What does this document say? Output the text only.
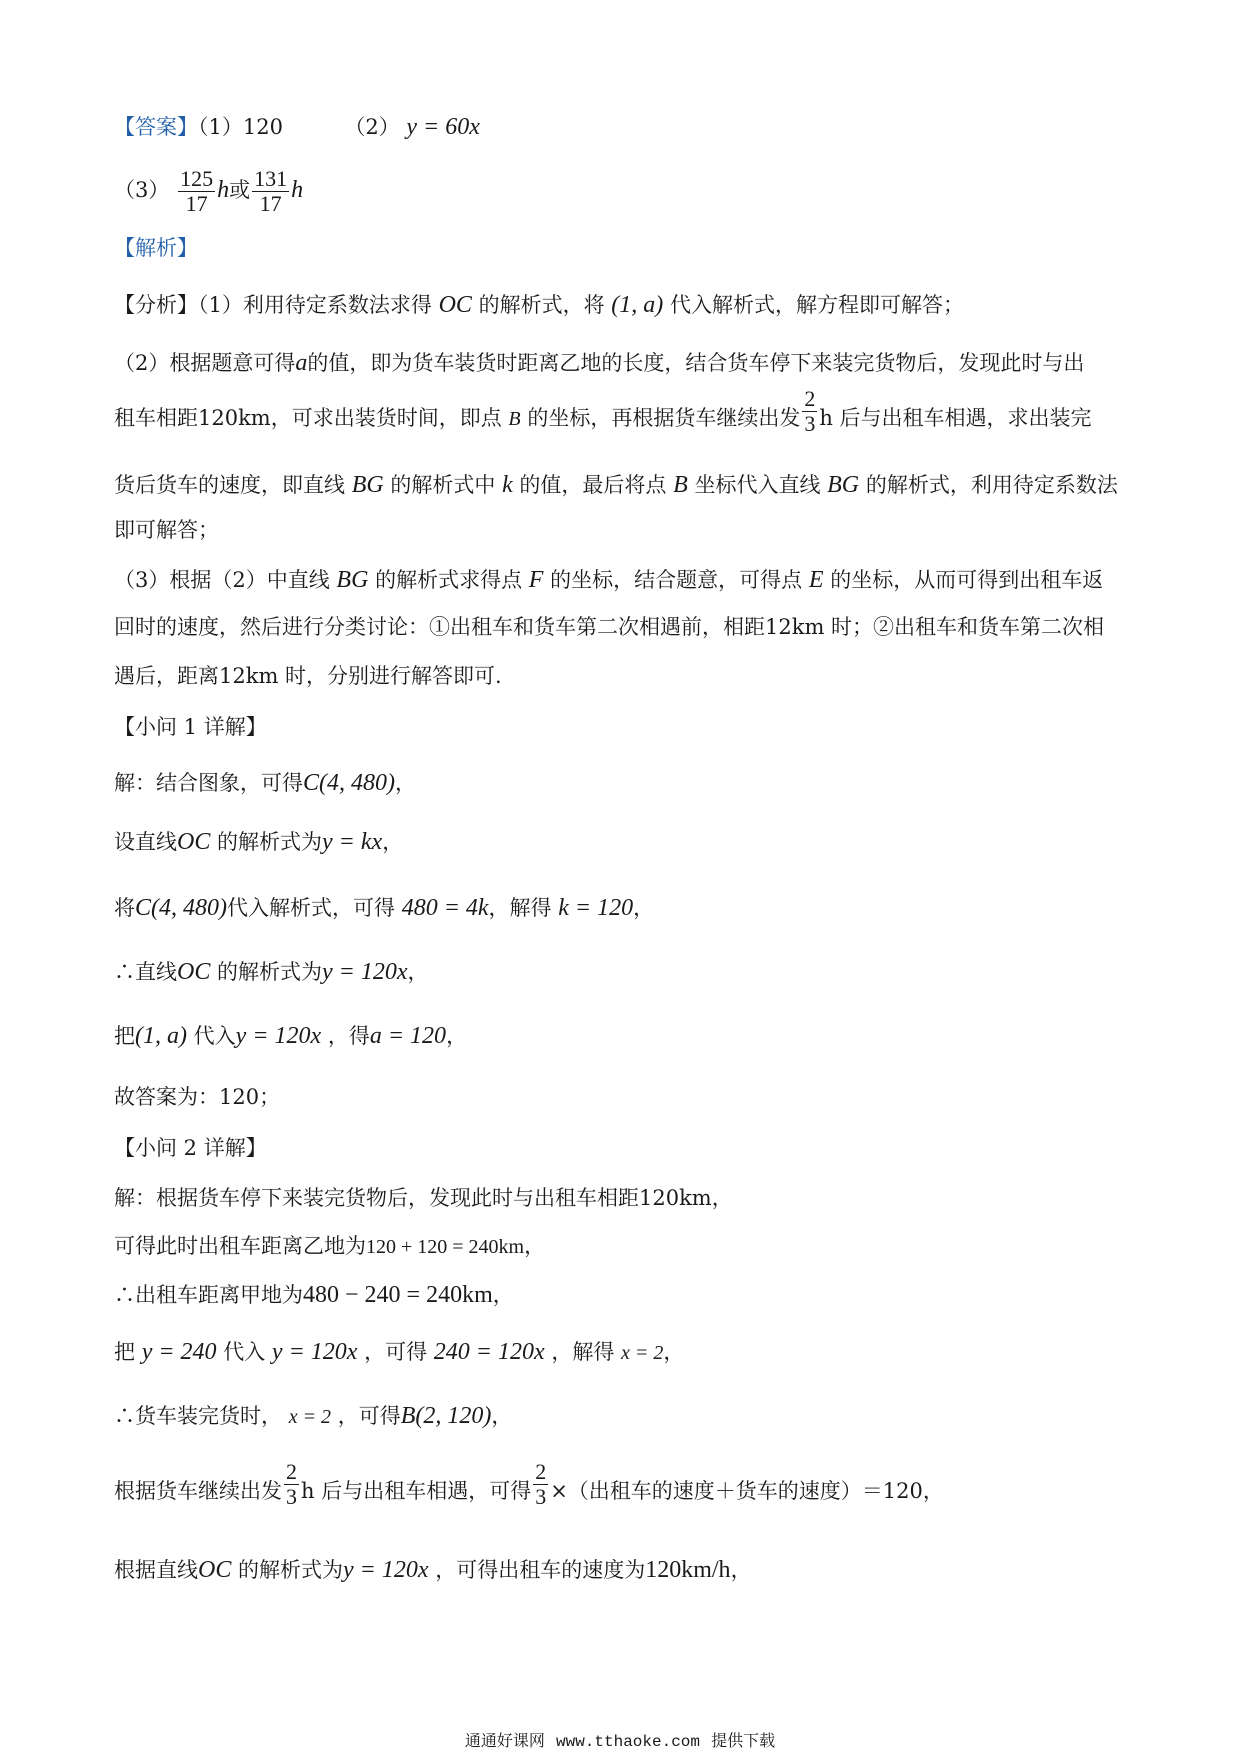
【答案】（1）120	（2） y = 60x
$(3) \frac{125}{17}$ h或 $\frac{131}{17}$ h
【解析】
【分析】（1）利用待定系数法求得 OC 的解析式，将 (1, a) 代入解析式，解方程即可解答；
（2）根据题意可得a的值，即为货车装货时距离乙地的长度，结合货车停下来装完货物后，发现此时与出
租车相距120km，可求出装货时间，即点 B 的坐标，再根据货车继续出发 $\frac{2}{3}$ h 后与出租车相遇，求出装完
货后货车的速度，即直线 BG 的解析式中 k 的值，最后将点 B 坐标代入直线 BG 的解析式，利用待定系数法
即可解答；
（3）根据（2）中直线 BG 的解析式求得点 F 的坐标，结合题意，可得点 E 的坐标，从而可得到出租车返
回时的速度，然后进行分类讨论：①出租车和货车第二次相遇前，相距12km 时；②出租车和货车第二次相
遇后，距离12km 时，分别进行解答即可.
【小问 1 详解】
解：结合图象，可得C(4, 480)，
设直线OC 的解析式为y = kx，
将C(4, 480)代入解析式，可得 480 = 4k，解得 k = 120，
∴直线OC 的解析式为y = 120x，
把(1, a) 代入y = 120x ，得a = 120，
故答案为：120；
【小问 2 详解】
解：根据货车停下来装完货物后，发现此时与出租车相距120km，
可得此时出租车距离乙地为120 + 120 = 240km，
∴出租车距离甲地为480 − 240 = 240km，
把 y = 240 代入 y = 120x ，可得 240 = 120x ，解得 x = 2，
∴货车装完货时， x = 2 ，可得B(2, 120)，
根据货车继续出发 $\frac{2}{3}$ h 后与出租车相遇，可得 $\frac{2}{3}$ ×（出租车的速度＋货车的速度）＝120，
根据直线OC 的解析式为y = 120x ，可得出租车的速度为120km/h，
通通好课网 www.tthaoke.com 提供下载
